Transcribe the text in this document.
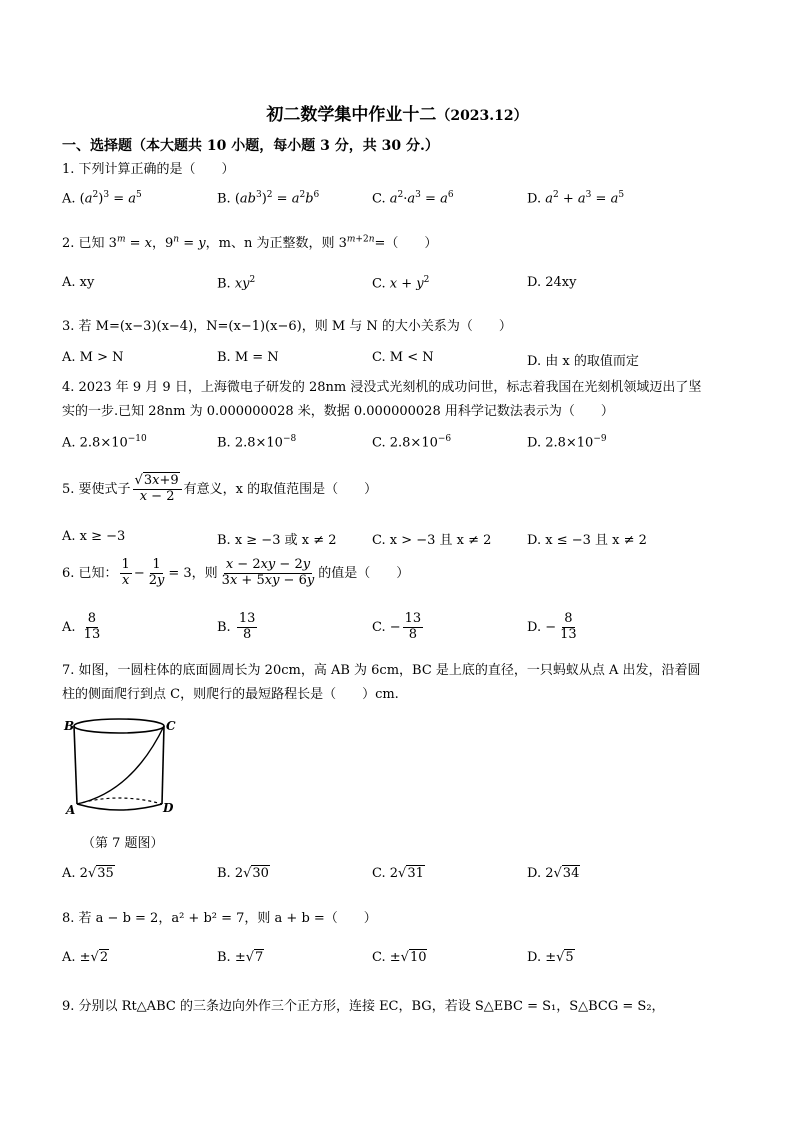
初二数学集中作业十二（2023.12）
一、选择题（本大题共 10 小题，每小题 3 分，共 30 分.）
1. 下列计算正确的是（　　）
A. $(a^2)^3 = a^5$	B. $(ab^3)^2 = a^2b^6$	C. $a^2\cdot a^3 = a^6$	D. $a^2 + a^3 = a^5$
2. 已知 $3^m = x$，$9^n = y$，m、n 为正整数，则 $3^{m+2n}=$（　　）
A. xy	B. $xy^2$	C. $x + y^2$	D. 24xy
3. 若 M=(x−3)(x−4)，N=(x−1)(x−6)，则 M 与 N 的大小关系为（　　）
A. M > N	B. M = N	C. M < N	D. 由 x 的取值而定
4. 2023 年 9 月 9 日，上海微电子研发的 28nm 浸没式光刻机的成功问世，标志着我国在光刻机领域迈出了坚
实的一步.已知 28nm 为 0.000000028 米，数据 0.000000028 用科学记数法表示为（　　）
A. $2.8\times 10^{-10}$	B. $2.8\times 10^{-8}$	C. $2.8\times 10^{-6}$	D. $2.8\times 10^{-9}$
5. 要使式子 $\frac{√3x+9}{x - 2}$ 有意义，x 的取值范围是（　　）
A. x ≥ −3	B. x ≥ −3 或 x ≠ 2	C. x > −3 且 x ≠ 2	D. x ≤ −3 且 x ≠ 2
6. 已知： $\frac{1}{x} - \frac{1}{2y} = 3$，则 $\frac{x - 2xy - 2y}{3x + 5xy - 6y}$ 的值是（　　）
A. $\frac{8}{13}$	B. $\frac{13}{8}$	C. − $\frac{13}{8}$	D. − $\frac{8}{13}$
7. 如图，一圆柱体的底面圆周长为 20cm，高 AB 为 6cm，BC 是上底的直径，一只蚂蚁从点 A 出发，沿着圆
柱的侧面爬行到点 C，则爬行的最短路程长是（　　）cm.
B	C
A	D
（第 7 题图）
A. 2√35	B. 2√30	C. 2√31	D. 2√34
8. 若 a − b = 2，a² + b² = 7，则 a + b =（　　）
A. ±√2	B. ±√7	C. ±√10	D. ±√5
9. 分别以 Rt△ABC 的三条边向外作三个正方形，连接 EC，BG，若设 S△EBC = S₁，S△BCG = S₂，
